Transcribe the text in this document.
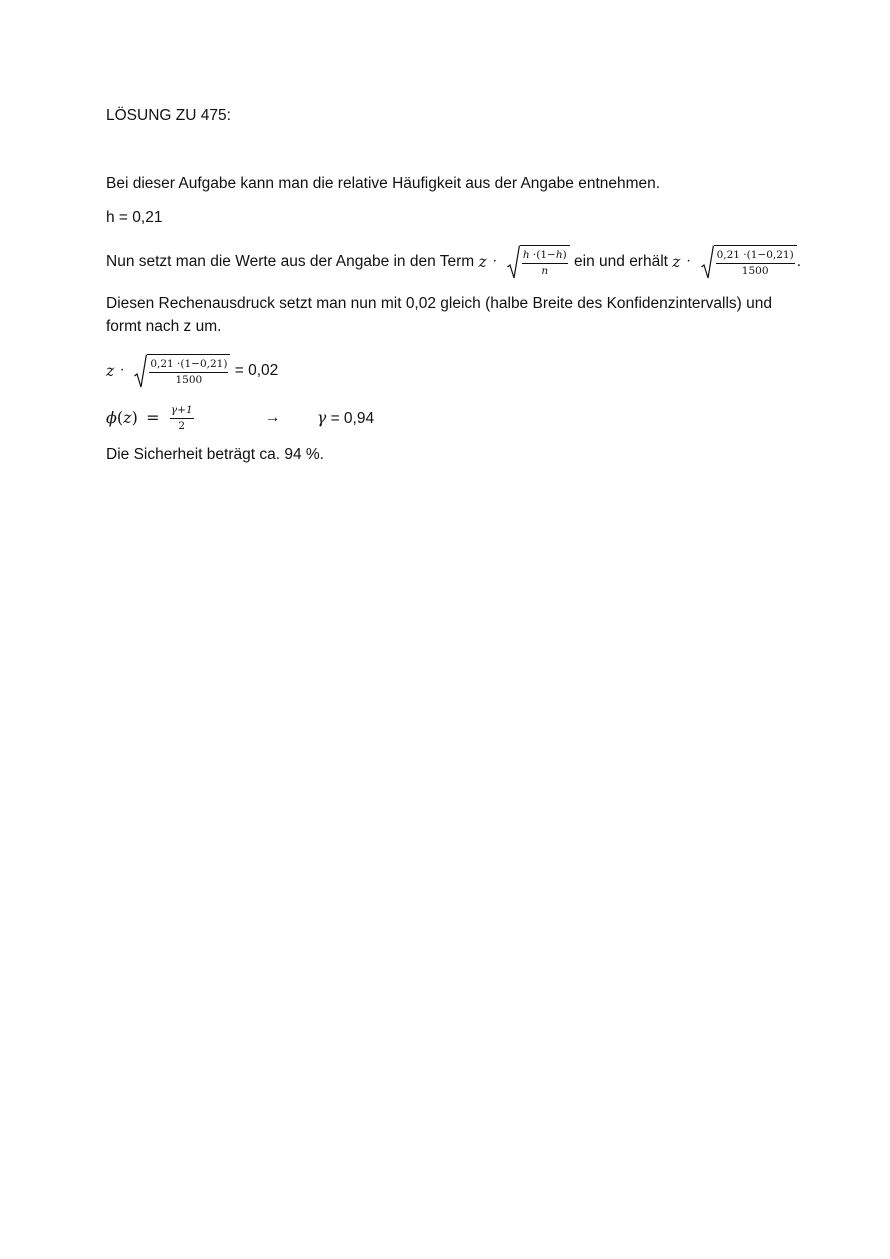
LÖSUNG ZU 475:
Bei dieser Aufgabe kann man die relative Häufigkeit aus der Angabe entnehmen.
h = 0,21
Nun setzt man die Werte aus der Angabe in den Term $z \cdot \frac{h \cdot(1-h)}{n}$ ein und erhält $z \cdot \frac{0,21 \cdot(1-0,21)}{1500}$ .
Diesen Rechenausdruck setzt man nun mit 0,02 gleich (halbe Breite des Konfidenzintervalls) und
formt nach z um.
$z \cdot \frac{0,21 \cdot(1-0,21)}{1500} = 0,02$
$\phi(z) = \frac{\gamma+1}{2}$	→ γ = 0,94
Die Sicherheit beträgt ca. 94 %.
